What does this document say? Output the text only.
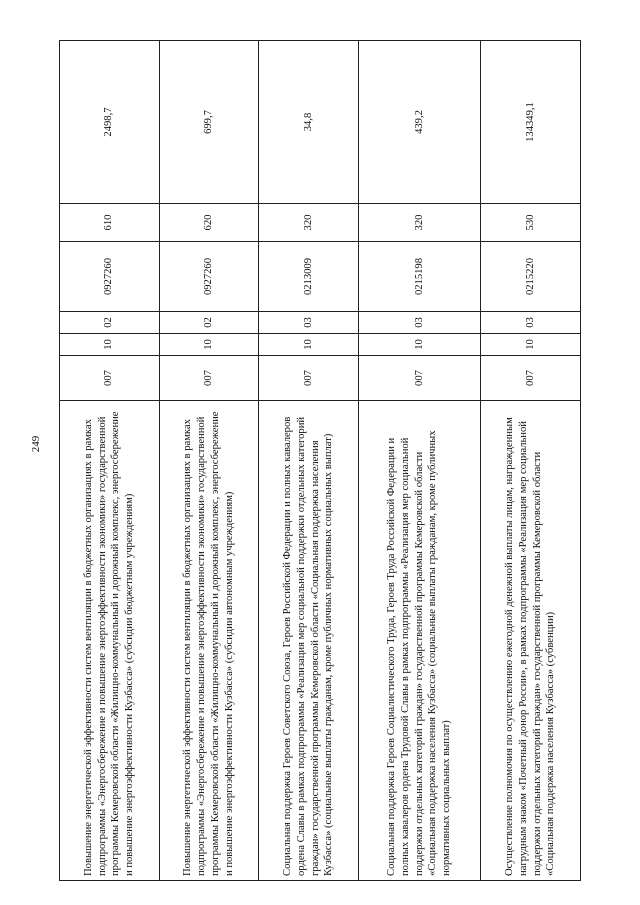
249	Повышение энергетической эффективности систем вентиляции в бюджетных организациях в рамках подпрограммы «Энергосбережение и повышение энергоэффективности экономики» государственной программы Кемеровской области «Жилищно-коммунальный и дорожный комплекс, энергосбережение и повышение энергоэффективности Кузбасса» (субсидии бюджетным учреждениям)	007	10	02	0927260	610	2498,7
Повышение энергетической эффективности систем вентиляции в бюджетных организациях в рамках подпрограммы «Энергосбережение и повышение энергоэффективности экономики» государственной программы Кемеровской области «Жилищно-коммунальный и дорожный комплекс, энергосбережение и повышение энергоэффективности Кузбасса» (субсидии автономным учреждениям)	007	10	02	0927260	620	699,7
Социальная поддержка Героев Советского Союза, Героев Российской Федерации и полных кавалеров ордена Славы в рамках подпрограммы «Реализация мер социальной поддержки отдельных категорий граждан» государственной программы Кемеровской области «Социальная поддержка населения Кузбасса» (социальные выплаты гражданам, кроме публичных нормативных социальных выплат)	007	10	03	0213009	320	34,8
Социальная поддержка Героев Социалистического Труда, Героев Труда Российской Федерации и полных кавалеров ордена Трудовой Славы в рамках подпрограммы «Реализация мер социальной поддержки отдельных категорий граждан» государственной программы Кемеровской области «Социальная поддержка населения Кузбасса» (социальные выплаты гражданам, кроме публичных нормативных социальных выплат)	007	10	03	0215198	320	439,2
Осуществление полномочия по осуществлению ежегодной денежной выплаты лицам, награжденным нагрудным знаком «Почетный донор России», в рамках подпрограммы «Реализация мер социальной поддержки отдельных категорий граждан» государственной программы Кемеровской области «Социальная поддержка населения Кузбасса» (субвенции)	007	10	03	0215220	530	134349,1
